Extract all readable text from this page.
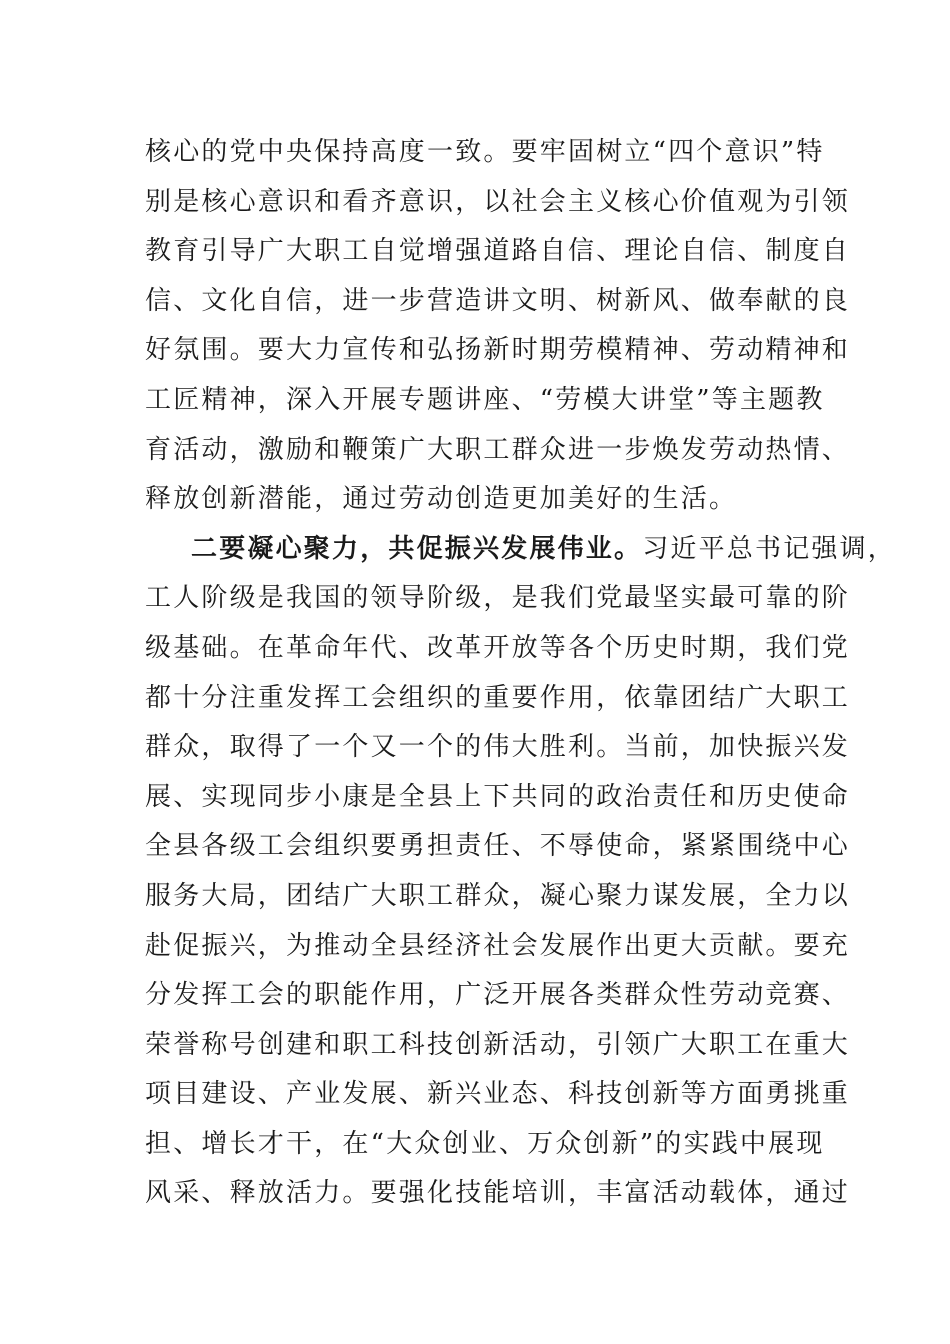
核心的党中央保持高度一致。要牢固树立“四个意识”特
别是核心意识和看齐意识，以社会主义核心价值观为引领
教育引导广大职工自觉增强道路自信、理论自信、制度自
信、文化自信，进一步营造讲文明、树新风、做奉献的良
好氛围。要大力宣传和弘扬新时期劳模精神、劳动精神和
工匠精神，深入开展专题讲座、“劳模大讲堂”等主题教
育活动，激励和鞭策广大职工群众进一步焕发劳动热情、
释放创新潜能，通过劳动创造更加美好的生活。
二要凝心聚力，共促振兴发展伟业。习近平总书记强调，
工人阶级是我国的领导阶级，是我们党最坚实最可靠的阶
级基础。在革命年代、改革开放等各个历史时期，我们党
都十分注重发挥工会组织的重要作用，依靠团结广大职工
群众，取得了一个又一个的伟大胜利。当前，加快振兴发
展、实现同步小康是全县上下共同的政治责任和历史使命
全县各级工会组织要勇担责任、不辱使命，紧紧围绕中心
服务大局，团结广大职工群众，凝心聚力谋发展，全力以
赴促振兴，为推动全县经济社会发展作出更大贡献。要充
分发挥工会的职能作用，广泛开展各类群众性劳动竞赛、
荣誉称号创建和职工科技创新活动，引领广大职工在重大
项目建设、产业发展、新兴业态、科技创新等方面勇挑重
担、增长才干，在“大众创业、万众创新”的实践中展现
风采、释放活力。要强化技能培训，丰富活动载体，通过
